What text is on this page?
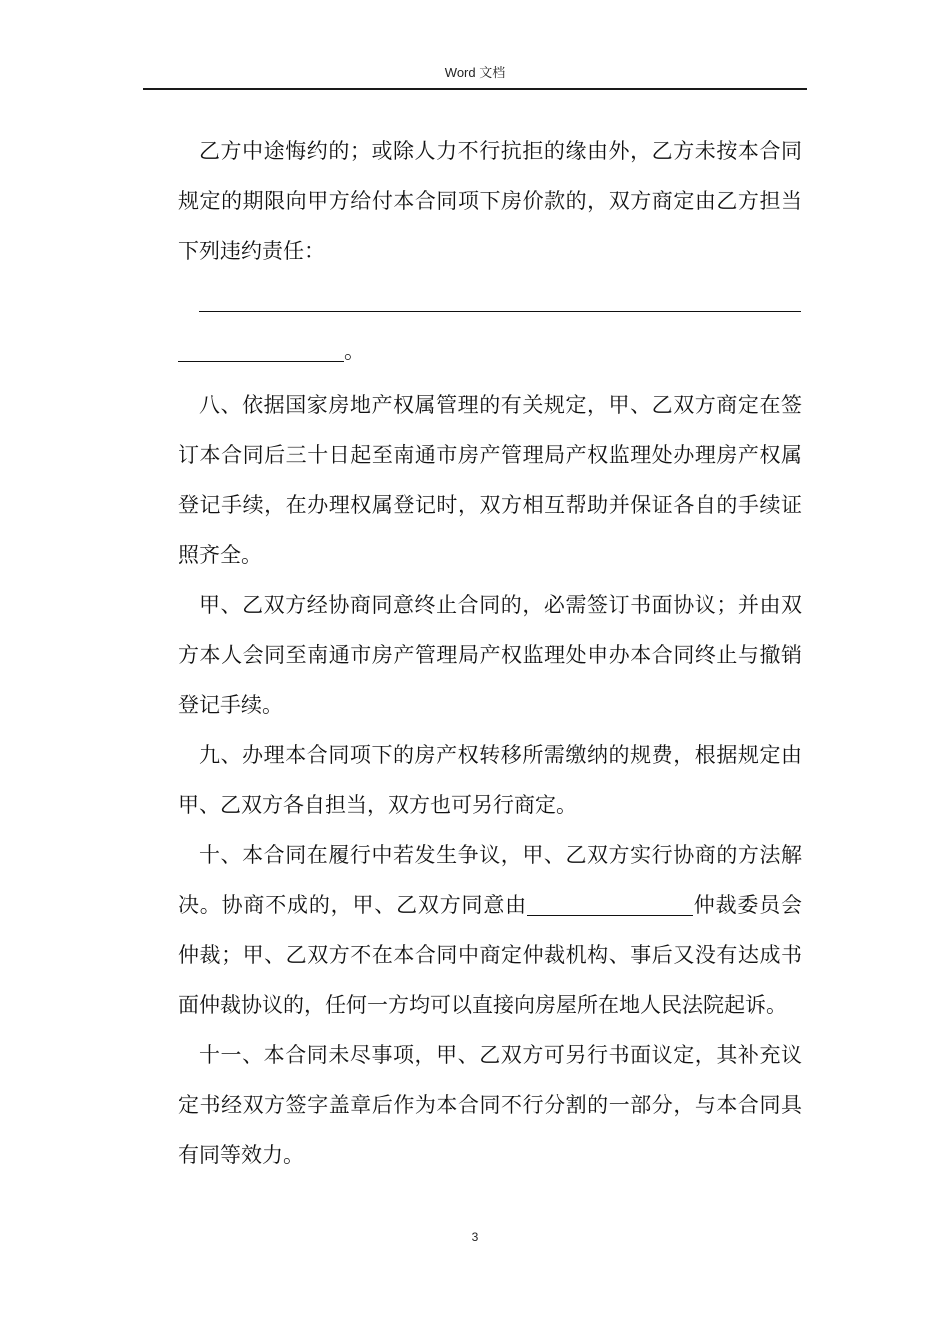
Word 文档

乙方中途悔约的；或除人力不行抗拒的缘由外，乙方未按本合同规定的期限向甲方给付本合同项下房价款的，双方商定由乙方担当下列违约责任：

。

八、依据国家房地产权属管理的有关规定，甲、乙双方商定在签订本合同后三十日起至南通市房产管理局产权监理处办理房产权属登记手续，在办理权属登记时，双方相互帮助并保证各自的手续证照齐全。

甲、乙双方经协商同意终止合同的，必需签订书面协议；并由双方本人会同至南通市房产管理局产权监理处申办本合同终止与撤销登记手续。

九、办理本合同项下的房产权转移所需缴纳的规费，根据规定由甲、乙双方各自担当，双方也可另行商定。

十、本合同在履行中若发生争议，甲、乙双方实行协商的方法解决。协商不成的，甲、乙双方同意由	仲裁委员会仲裁；甲、乙双方不在本合同中商定仲裁机构、事后又没有达成书面仲裁协议的，任何一方均可以直接向房屋所在地人民法院起诉。

十一、本合同未尽事项，甲、乙双方可另行书面议定，其补充议定书经双方签字盖章后作为本合同不行分割的一部分，与本合同具有同等效力。

3
